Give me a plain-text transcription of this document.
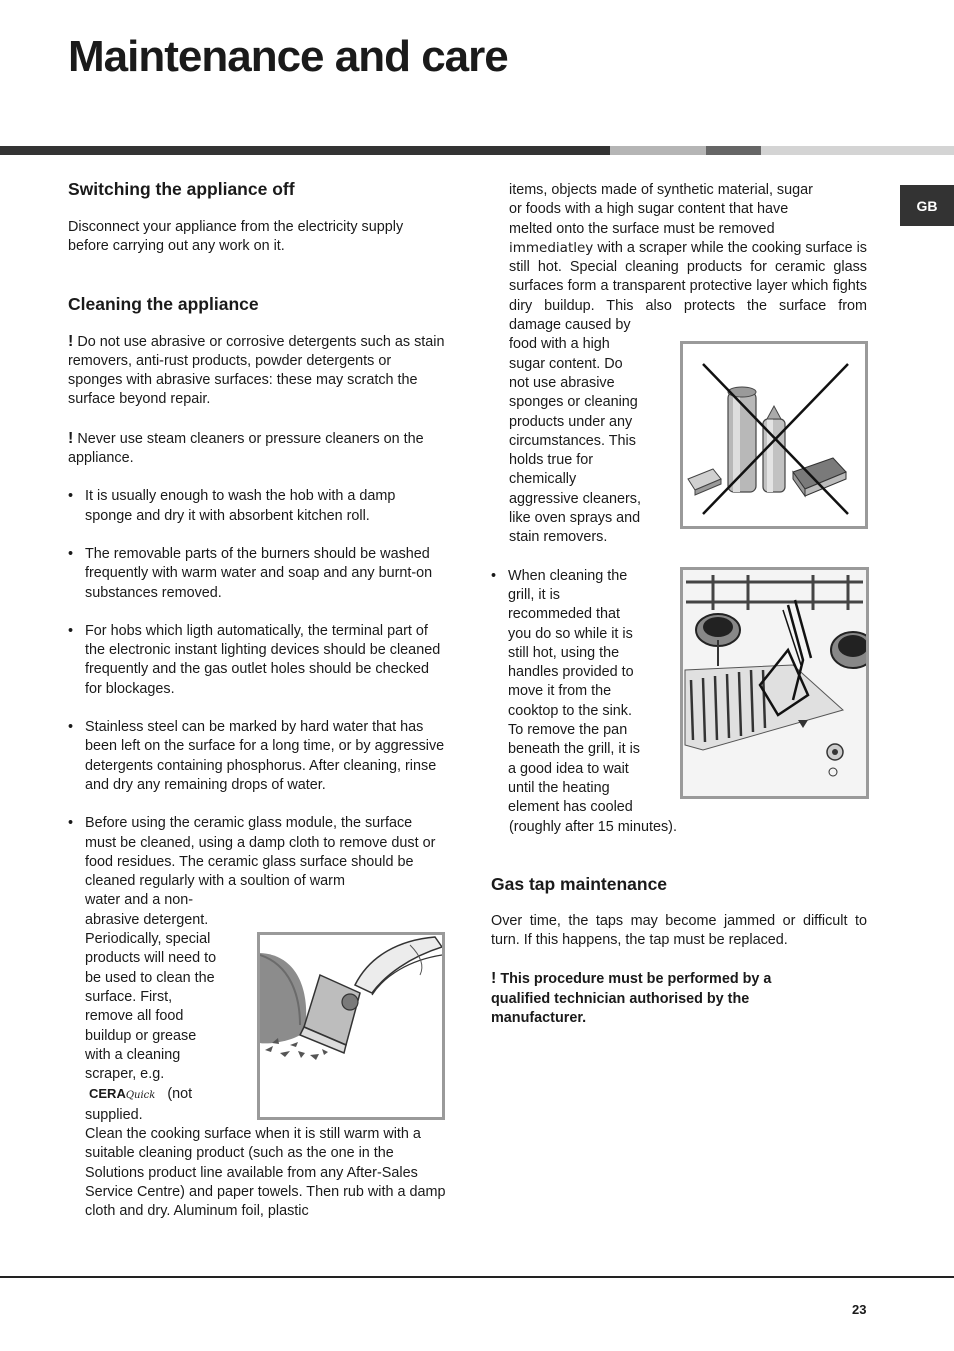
Maintenance and care
GB
Switching the appliance off

Disconnect your appliance from the electricity supply before carrying out any work on it.

Cleaning the appliance

! Do not use abrasive or corrosive detergents such as stain removers, anti-rust products, powder detergents or sponges with abrasive surfaces: these may scratch the surface beyond repair.

! Never use steam cleaners or pressure cleaners on the appliance.

• It is usually enough to wash the hob with a damp sponge and dry it with absorbent kitchen roll.
• The removable parts of the burners should be washed frequently with warm water and soap and any burnt-on substances removed.
• For hobs which ligth automatically, the terminal part of the electronic instant lighting devices should be cleaned frequently and the gas outlet holes should be checked for blockages.
• Stainless steel can be marked by hard water that has been left on the surface for a long time, or by aggressive detergents containing phosphorus. After cleaning, rinse and dry any remaining drops of water.
• Before using the ceramic glass module, the surface must be cleaned, using a damp cloth to remove dust or food residues. The ceramic glass surface should be cleaned regularly with a soultion of warm
water and a non-
abrasive detergent.
Periodically, special
products will need to
be used to clean the
surface. First,
remove all food
buildup or grease
with a cleaning
scraper, e.g.
CERAQuick (not
supplied.
Clean the cooking surface when it is still warm with a suitable cleaning product (such as the one in the Solutions product line available from any After-Sales Service Centre) and paper towels. Then rub with a damp cloth and dry. Aluminum foil, plastic
items, objects made of synthetic material, sugar
or foods with a high sugar content that have
melted onto the surface must be removed

immediatley with a scraper while the cooking surface is still hot. Special cleaning products for ceramic glass surfaces form a transparent protective layer which fights diry buildup. This also protects the surface from damage caused by

food with a high
sugar content. Do
not use abrasive
sponges or cleaning
products under any
circumstances. This
holds true for
chemically
aggressive cleaners,
like oven sprays and
stain removers.
• When cleaning the
grill, it is
recommeded that
you do so while it is
still hot, using the
handles provided to
move it from the
cooktop to the sink.
To remove the pan
beneath the grill, it is
a good idea to wait
until the heating
element has cooled
(roughly after 15 minutes).
Gas tap maintenance

Over time, the taps may become jammed or difficult to turn. If this happens, the tap must be replaced.

! This procedure must be performed by a qualified technician authorised by the manufacturer.

23
